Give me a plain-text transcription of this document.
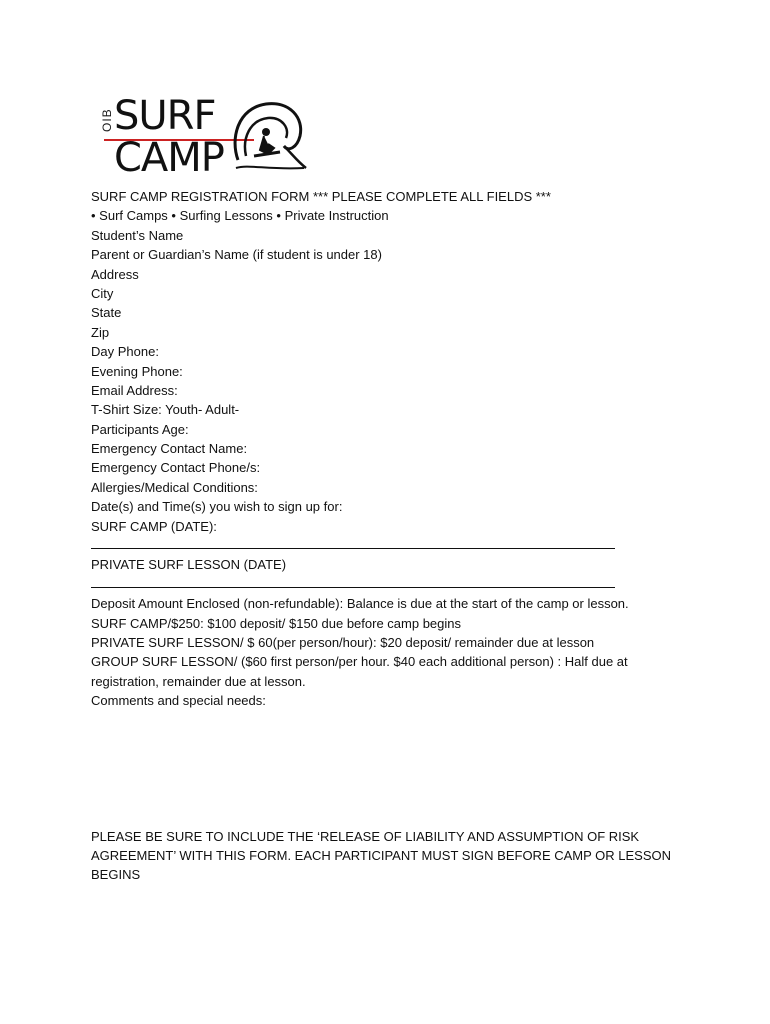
OIB SURF
CAMP
SURF CAMP REGISTRATION FORM *** PLEASE COMPLETE ALL FIELDS ***
• Surf Camps • Surfing Lessons • Private Instruction
Student’s Name
Parent or Guardian’s Name (if student is under 18)
Address
City
State
Zip
Day Phone:
Evening Phone:
Email Address:
T-Shirt Size: Youth- Adult-
Participants Age:
Emergency Contact Name:
Emergency Contact Phone/s:
Allergies/Medical Conditions:
Date(s) and Time(s) you wish to sign up for:
SURF CAMP (DATE):
PRIVATE SURF LESSON (DATE)
Deposit Amount Enclosed (non-refundable): Balance is due at the start of the camp or lesson.
SURF CAMP/$250: $100 deposit/ $150 due before camp begins
PRIVATE SURF LESSON/ $ 60(per person/hour): $20 deposit/ remainder due at lesson
GROUP SURF LESSON/ ($60 first person/per hour. $40 each additional person) : Half due at registration, remainder due at lesson.
Comments and special needs:
PLEASE BE SURE TO INCLUDE THE ‘RELEASE OF LIABILITY AND ASSUMPTION OF RISK AGREEMENT’ WITH THIS FORM. EACH PARTICIPANT MUST SIGN BEFORE CAMP OR LESSON BEGINS
